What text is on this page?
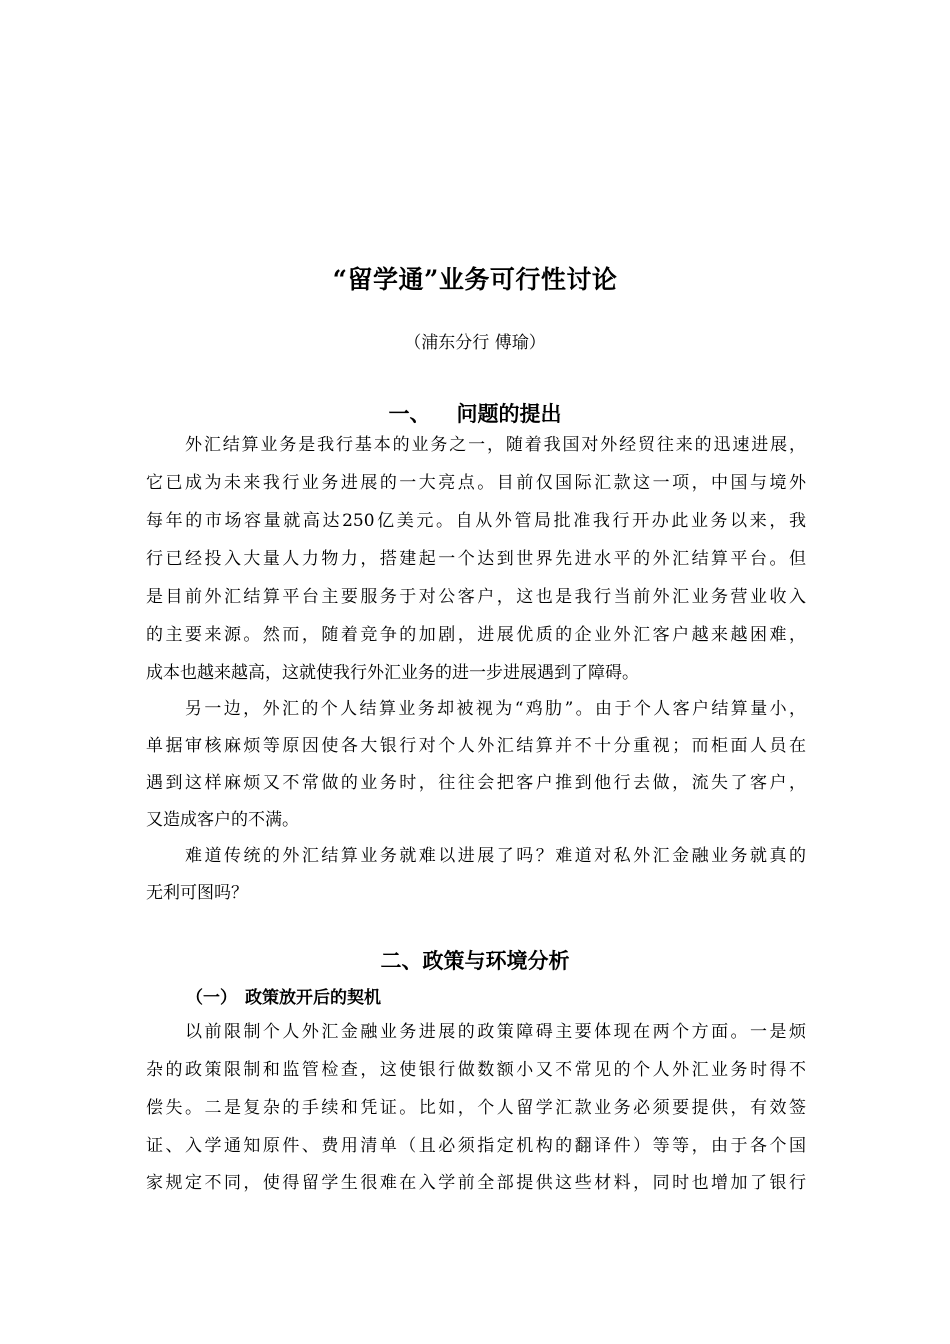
“留学通”业务可行性讨论
（浦东分行 傅瑜）
一、 问题的提出
外汇结算业务是我行基本的业务之一，随着我国对外经贸往来的迅速进展，
它已成为未来我行业务进展的一大亮点。目前仅国际汇款这一项，中国与境外
每年的市场容量就高达250亿美元。自从外管局批准我行开办此业务以来，我
行已经投入大量人力物力，搭建起一个达到世界先进水平的外汇结算平台。但
是目前外汇结算平台主要服务于对公客户，这也是我行当前外汇业务营业收入
的主要来源。然而，随着竞争的加剧，进展优质的企业外汇客户越来越困难，
成本也越来越高，这就使我行外汇业务的进一步进展遇到了障碍。
另一边，外汇的个人结算业务却被视为“鸡肋”。由于个人客户结算量小，
单据审核麻烦等原因使各大银行对个人外汇结算并不十分重视；而柜面人员在
遇到这样麻烦又不常做的业务时，往往会把客户推到他行去做，流失了客户，
又造成客户的不满。
难道传统的外汇结算业务就难以进展了吗？难道对私外汇金融业务就真的
无利可图吗？
二、政策与环境分析
（一） 政策放开后的契机
以前限制个人外汇金融业务进展的政策障碍主要体现在两个方面。一是烦
杂的政策限制和监管检查，这使银行做数额小又不常见的个人外汇业务时得不
偿失。二是复杂的手续和凭证。比如，个人留学汇款业务必须要提供，有效签
证、入学通知原件、费用清单（且必须指定机构的翻译件）等等，由于各个国
家规定不同，使得留学生很难在入学前全部提供这些材料，同时也增加了银行
